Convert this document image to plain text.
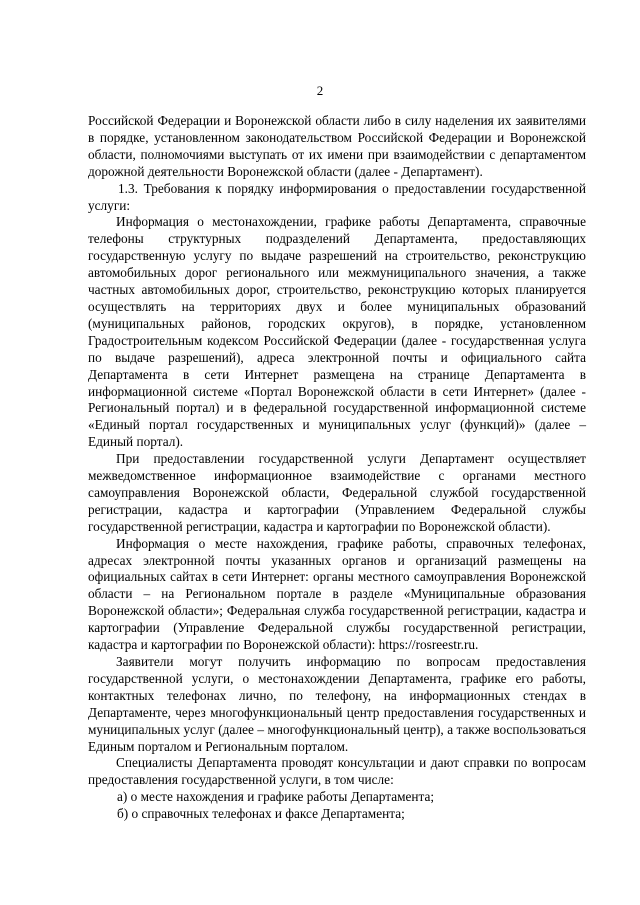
2

Российской Федерации и Воронежской области либо в силу наделения их заявителями в порядке, установленном законодательством Российской Федерации и Воронежской области, полномочиями выступать от их имени при взаимодействии с департаментом дорожной деятельности Воронежской области (далее - Департамент).

1.3. Требования к порядку информирования о предоставлении государственной услуги:

Информация о местонахождении, графике работы Департамента, справочные телефоны структурных подразделений Департамента, предоставляющих государственную услугу по выдаче разрешений на строительство, реконструкцию автомобильных дорог регионального или межмуниципального значения, а также частных автомобильных дорог, строительство, реконструкцию которых планируется осуществлять на территориях двух и более муниципальных образований (муниципальных районов, городских округов), в порядке, установленном Градостроительным кодексом Российской Федерации (далее - государственная услуга по выдаче разрешений), адреса электронной почты и официального сайта Департамента в сети Интернет размещена на странице Департамента в информационной системе «Портал Воронежской области в сети Интернет» (далее - Региональный портал) и в федеральной государственной информационной системе «Единый портал государственных и муниципальных услуг (функций)» (далее – Единый портал).

При предоставлении государственной услуги Департамент осуществляет межведомственное информационное взаимодействие с органами местного самоуправления Воронежской области, Федеральной службой государственной регистрации, кадастра и картографии (Управлением Федеральной службы государственной регистрации, кадастра и картографии по Воронежской области).

Информация о месте нахождения, графике работы, справочных телефонах, адресах электронной почты указанных органов и организаций размещены на официальных сайтах в сети Интернет: органы местного самоуправления Воронежской области – на Региональном портале в разделе «Муниципальные образования Воронежской области»; Федеральная служба государственной регистрации, кадастра и картографии (Управление Федеральной службы государственной регистрации, кадастра и картографии по Воронежской области): https://rosreestr.ru.

Заявители могут получить информацию по вопросам предоставления государственной услуги, о местонахождении Департамента, графике его работы, контактных телефонах лично, по телефону, на информационных стендах в Департаменте, через многофункциональный центр предоставления государственных и муниципальных услуг (далее – многофункциональный центр), а также воспользоваться Единым порталом и Региональным порталом.

Специалисты Департамента проводят консультации и дают справки по вопросам предоставления государственной услуги, в том числе:

а) о месте нахождения и графике работы Департамента;

б) о справочных телефонах и факсе Департамента;
